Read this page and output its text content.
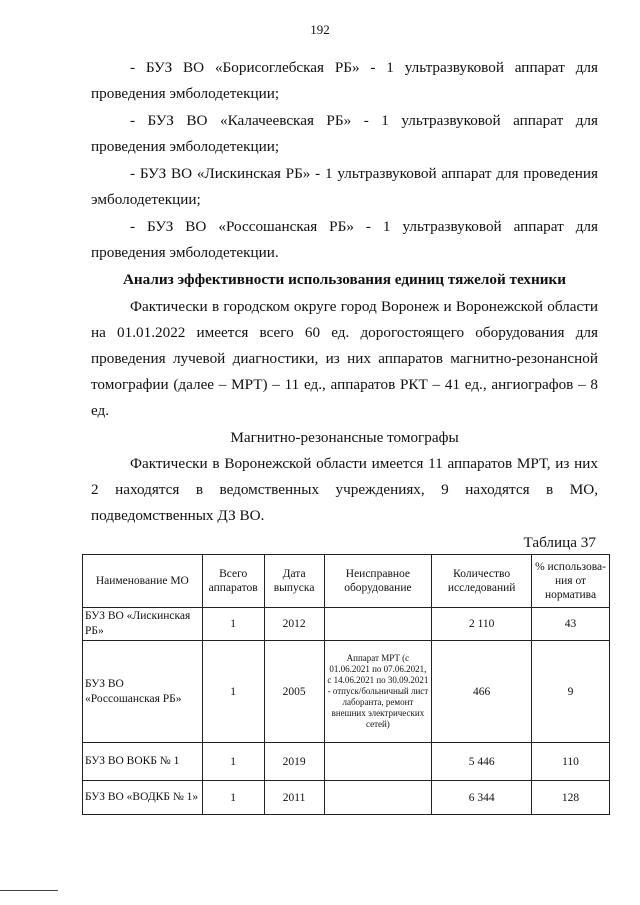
192

- БУЗ ВО «Борисоглебская РБ» - 1 ультразвуковой аппарат для

проведения эмболодетекции;

- БУЗ ВО «Калачеевская РБ» - 1 ультразвуковой аппарат для

проведения эмболодетекции;

- БУЗ ВО «Лискинская РБ» - 1 ультразвуковой аппарат для проведения

эмболодетекции;

- БУЗ ВО «Россошанская РБ» - 1 ультразвуковой аппарат для

проведения эмболодетекции.

Анализ эффективности использования единиц тяжелой техники

Фактически в городском округе город Воронеж и Воронежской области

на 01.01.2022 имеется всего 60 ед. дорогостоящего оборудования для

проведения лучевой диагностики, из них аппаратов магнитно-резонансной

томографии (далее – МРТ) – 11 ед., аппаратов РКТ – 41 ед., ангиографов – 8

ед.

Магнитно-резонансные томографы

Фактически в Воронежской области имеется 11 аппаратов МРТ, из них

2 находятся в ведомственных учреждениях, 9 находятся в МО,

подведомственных ДЗ ВО.

Таблица 37
Наименование МО	Всего аппаратов	Дата выпуска	Неисправное оборудование	Количество исследований	% использова-ния от норматива
БУЗ ВО «Лискинская РБ»	1	2012		2 110	43
БУЗ ВО «Россошанская РБ»	1	2005	Аппарат МРТ (с 01.06.2021 по 07.06.2021, с 14.06.2021 по 30.09.2021 - отпуск/больничный лист лаборанта, ремонт внешних электрических сетей)	466	9
БУЗ ВО ВОКБ № 1	1	2019		5 446	110
БУЗ ВО «ВОДКБ № 1»	1	2011		6 344	128
